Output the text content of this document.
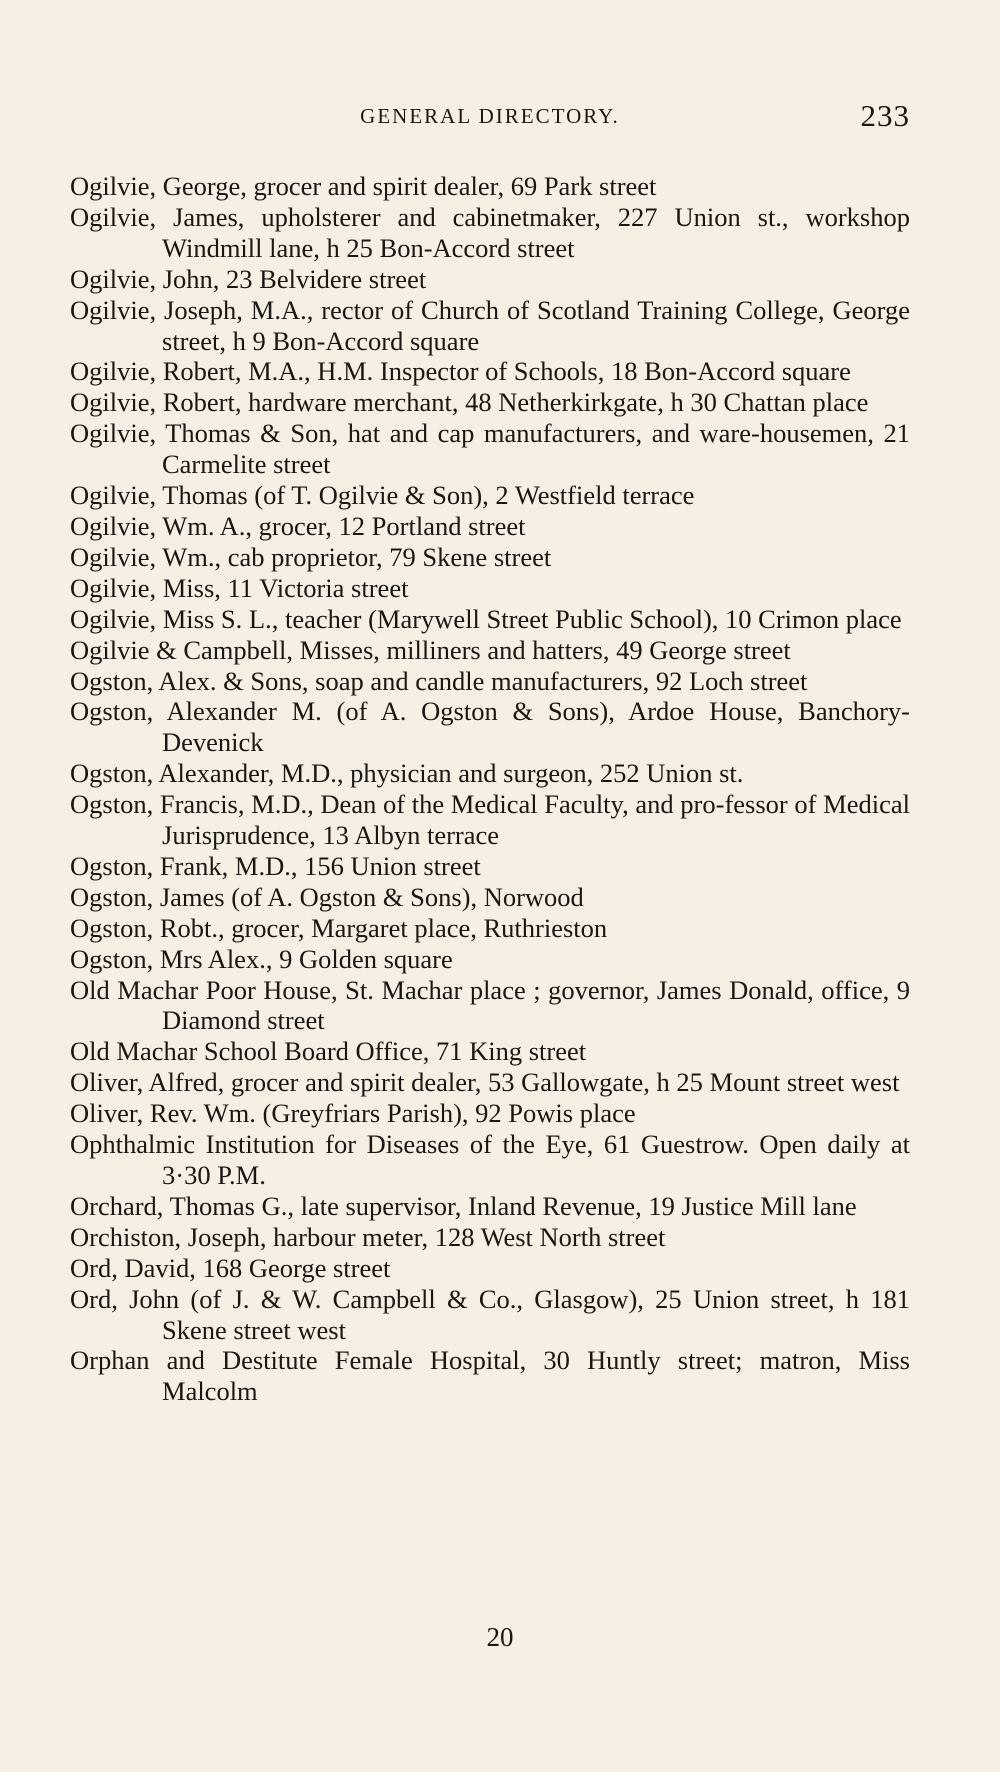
GENERAL DIRECTORY.	233

Ogilvie, George, grocer and spirit dealer, 69 Park street

Ogilvie, James, upholsterer and cabinetmaker, 227 Union st., workshop Windmill lane, h 25 Bon-Accord street

Ogilvie, John, 23 Belvidere street

Ogilvie, Joseph, M.A., rector of Church of Scotland Training College, George street, h 9 Bon-Accord square

Ogilvie, Robert, M.A., H.M. Inspector of Schools, 18 Bon-Accord square

Ogilvie, Robert, hardware merchant, 48 Netherkirkgate, h 30 Chattan place

Ogilvie, Thomas & Son, hat and cap manufacturers, and ware-housemen, 21 Carmelite street

Ogilvie, Thomas (of T. Ogilvie & Son), 2 Westfield terrace

Ogilvie, Wm. A., grocer, 12 Portland street

Ogilvie, Wm., cab proprietor, 79 Skene street

Ogilvie, Miss, 11 Victoria street

Ogilvie, Miss S. L., teacher (Marywell Street Public School), 10 Crimon place

Ogilvie & Campbell, Misses, milliners and hatters, 49 George street

Ogston, Alex. & Sons, soap and candle manufacturers, 92 Loch street

Ogston, Alexander M. (of A. Ogston & Sons), Ardoe House, Banchory-Devenick

Ogston, Alexander, M.D., physician and surgeon, 252 Union st.

Ogston, Francis, M.D., Dean of the Medical Faculty, and pro-fessor of Medical Jurisprudence, 13 Albyn terrace

Ogston, Frank, M.D., 156 Union street

Ogston, James (of A. Ogston & Sons), Norwood

Ogston, Robt., grocer, Margaret place, Ruthrieston

Ogston, Mrs Alex., 9 Golden square

Old Machar Poor House, St. Machar place ; governor, James Donald, office, 9 Diamond street

Old Machar School Board Office, 71 King street

Oliver, Alfred, grocer and spirit dealer, 53 Gallowgate, h 25 Mount street west

Oliver, Rev. Wm. (Greyfriars Parish), 92 Powis place

Ophthalmic Institution for Diseases of the Eye, 61 Guestrow. Open daily at 3·30 P.M.

Orchard, Thomas G., late supervisor, Inland Revenue, 19 Justice Mill lane

Orchiston, Joseph, harbour meter, 128 West North street

Ord, David, 168 George street

Ord, John (of J. & W. Campbell & Co., Glasgow), 25 Union street, h 181 Skene street west

Orphan and Destitute Female Hospital, 30 Huntly street; matron, Miss Malcolm

20
